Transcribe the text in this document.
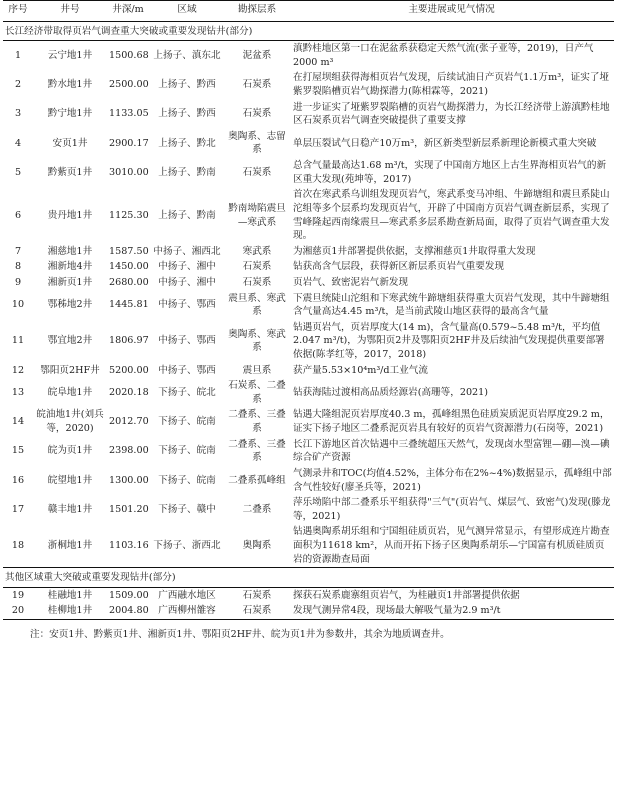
序号	井号	井深/m	区域	勘探层系	主要进展或见气情况
长江经济带取得页岩气调查重大突破或重要发现钻井(部分)					
1	云宁地1井	1500.68	上扬子、滇东北	泥盆系	滇黔桂地区第一口在泥盆系获稳定天然气流(张子亚等，2019)，日产气2000 m³
2	黔水地1井	2500.00	上扬子、黔西	石炭系	在打屋坝组获得海相页岩气发现，后续试油日产页岩气1.1万m³，证实了垭紫罗裂陷槽页岩气勘探潜力(陈相霖等，2021)
3	黔宁地1井	1133.05	上扬子、黔西	石炭系	进一步证实了垭紫罗裂陷槽的页岩气勘探潜力，为长江经济带上游滇黔桂地区石炭系页岩气调查突破提供了重要支撑
4	安页1井	2900.17	上扬子、黔北	奥陶系、志留系	单层压裂试气日稳产10万m³，新区新类型新层系新理论新模式重大突破
5	黔紫页1井	3010.00	上扬子、黔南	石炭系	总含气量最高达1.68 m³/t，实现了中国南方地区上古生界海相页岩气的新区重大发现(苑坤等，2017)
6	贵丹地1井	1125.30	上扬子、黔南	黔南坳陷震旦—寒武系	首次在寒武系乌训组发现页岩气，寒武系变马冲组、牛蹄塘组和震旦系陡山沱组等多个层系均发现页岩气，开辟了中国南方页岩气调查新层系，实现了雪峰隆起西南缘震旦—寒武系多层系勘查新局面，取得了页岩气调查重大发现。
7	湘慈地1井	1587.50	中扬子、湘西北	寒武系	为湘慈页1井部署提供依据，支撑湘慈页1井取得重大发现
8	湘新地4井	1450.00	中扬子、湘中	石炭系	钻获高含气层段，获得新区新层系页岩气重要发现
9	湘新页1井	2680.00	中扬子、湘中	石炭系	页岩气、致密泥岩气新发现
10	鄂秭地2井	1445.81	中扬子、鄂西	震旦系、寒武系	下震旦统陡山沱组和下寒武统牛蹄塘组获得重大页岩气发现，其中牛蹄塘组含气量高达4.45 m³/t，是当前武陵山地区获得的最高含气量
11	鄂宜地2井	1806.97	中扬子、鄂西	奥陶系、寒武系	钻遇页岩气，页岩厚度大(14 m)，含气量高(0.579~5.48 m³/t，平均值2.047 m³/t)，为鄂阳页2井及鄂阳页2HF井及后续油气发现提供重要部署依据(陈孝红等，2017，2018)
12	鄂阳页2HF井	5200.00	中扬子、鄂西	震旦系	获产量5.53×10⁴m³/d工业气流
13	皖阜地1井	2020.18	下扬子、皖北	石炭系、二叠系	钻获海陆过渡相高品质烃源岩(高珊等，2021)
14	皖油地1井(刘兵等，2020)	2012.70	下扬子、皖南	二叠系、三叠系	钻遇大隆组泥页岩厚度40.3 m，孤峰组黑色硅质炭质泥页岩厚度29.2 m，证实下扬子地区二叠系泥页岩具有较好的页岩气资源潜力(石岗等，2021)
15	皖为页1井	2398.00	下扬子、皖南	二叠系、三叠系	长江下游地区首次钻遇中三叠统超压天然气，发现卤水型富锂—硼—溴—碘综合矿产资源
16	皖望地1井	1300.00	下扬子、皖南	二叠系孤峰组	气测录井和TOC(均值4.52%，主体分布在2%~4%)数据显示，孤峰组中部含气性较好(廖圣兵等，2021)
17	赣丰地1井	1501.20	下扬子、赣中	二叠系	萍乐坳陷中部二叠系乐平组获得"三气"(页岩气、煤层气、致密气)发现(滕龙等，2021)
18	浙桐地1井	1103.16	下扬子、浙西北	奥陶系	钻遇奥陶系胡乐组和宁国组硅质页岩，见气测异常显示，有望形成连片勘查面积为11618 km²，从而开拓下扬子区奥陶系胡乐—宁国富有机质硅质页岩的资源勘查局面
其他区域重大突破或重要发现钻井(部分)					
19	桂融地1井	1509.00	广西融水地区	石炭系	探获石炭系鹿寨组页岩气，为桂融页1井部署提供依据
20	桂柳地1井	2004.80	广西柳州雒容	石炭系	发现气测异常4段，现场最大解吸气量为2.9 m³/t
注：安页1井、黔紫页1井、湘新页1井、鄂阳页2HF井、皖为页1井为参数井，其余为地质调查井。
